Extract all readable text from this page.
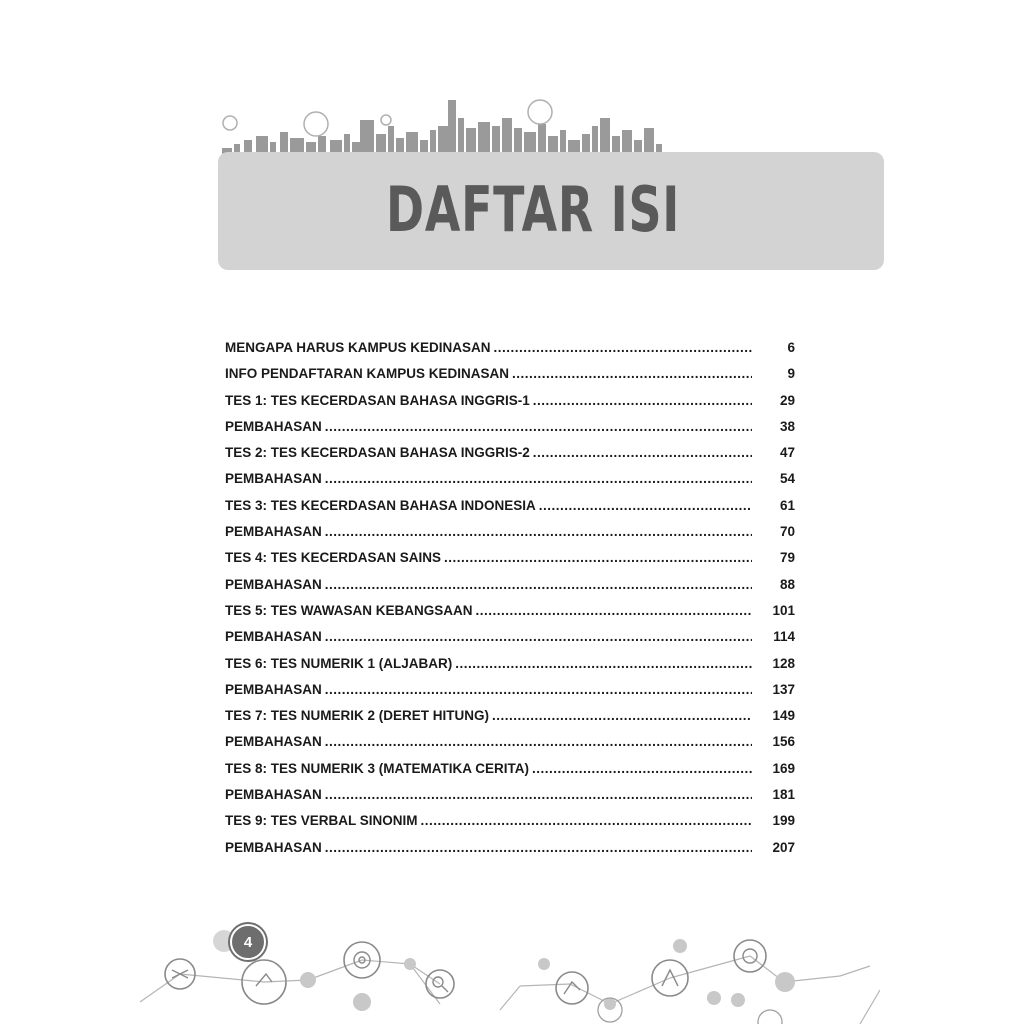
DAFTAR ISI
MENGAPA HARUS KAMPUS KEDINASAN .....	6
INFO PENDAFTARAN KAMPUS KEDINASAN .....	9
TES 1: TES KECERDASAN BAHASA INGGRIS-1 .....	29
PEMBAHASAN .....	38
TES 2: TES KECERDASAN BAHASA INGGRIS-2 .....	47
PEMBAHASAN .....	54
TES 3: TES KECERDASAN BAHASA INDONESIA .....	61
PEMBAHASAN .....	70
TES 4: TES KECERDASAN SAINS .....	79
PEMBAHASAN .....	88
TES 5: TES WAWASAN KEBANGSAAN .....	101
PEMBAHASAN .....	114
TES 6: TES NUMERIK 1 (ALJABAR) .....	128
PEMBAHASAN .....	137
TES 7: TES NUMERIK 2 (DERET HITUNG) .....	149
PEMBAHASAN .....	156
TES 8: TES NUMERIK 3 (MATEMATIKA CERITA) .....	169
PEMBAHASAN .....	181
TES 9: TES VERBAL SINONIM .....	199
PEMBAHASAN .....	207
4
